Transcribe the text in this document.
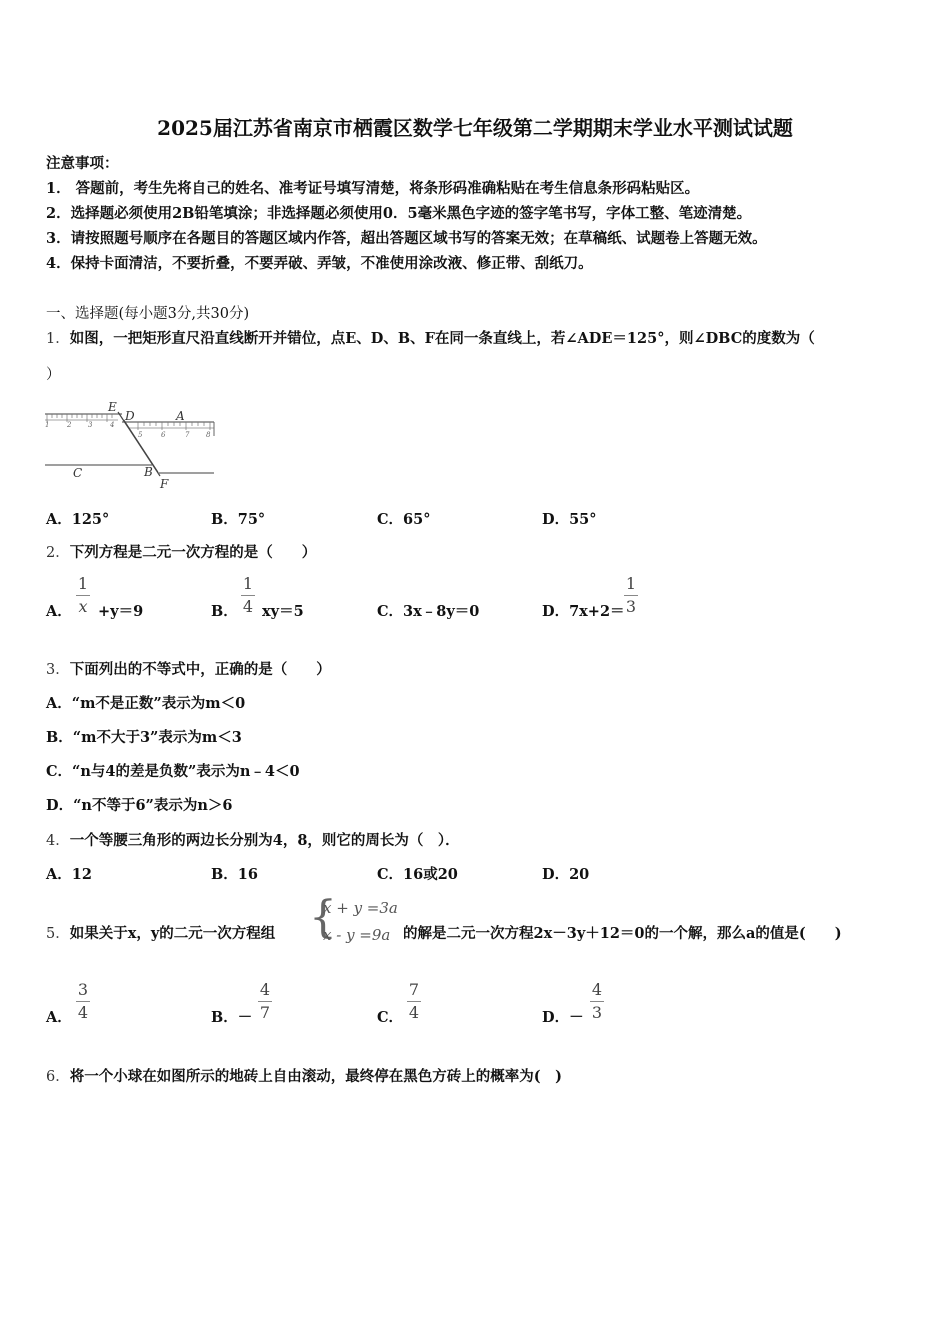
2025届江苏省南京市栖霞区数学七年级第二学期期末学业水平测试试题
注意事项：
1． 答题前，考生先将自己的姓名、准考证号填写清楚，将条形码准确粘贴在考生信息条形码粘贴区。
2．选择题必须使用2B铅笔填涂；非选择题必须使用0．5毫米黑色字迹的签字笔书写，字体工整、笔迹清楚。
3．请按照题号顺序在各题目的答题区域内作答，超出答题区域书写的答案无效；在草稿纸、试题卷上答题无效。
4．保持卡面清洁，不要折叠，不要弄破、弄皱，不准使用涂改液、修正带、刮纸刀。
一、选择题(每小题3分,共30分)
1．如图，一把矩形直尺沿直线断开并错位，点E、D、B、F在同一条直线上，若∠ADE＝125°，则∠DBC的度数为（
）
1	2 3	4
5	6	7 8
E
D	A
C	B
F
A．125°	B．75°	C．65°	D．55°
2．下列方程是二元一次方程的是（　　）
A．
1
x +y＝9	B．
1
4 xy＝5	C．3x﹣8y＝0	D．7x+2＝
1
3
3．下面列出的不等式中，正确的是（　　）
A．“m不是正数”表示为m＜0
B．“m不大于3”表示为m＜3
C．“n与4的差是负数”表示为n﹣4＜0
D．“n不等于6”表示为n＞6
4．一个等腰三角形的两边长分别为4，8，则它的周长为（　）．
A．12	B．16	C．16或20	D．20
5．如果关于x，y的二元一次方程组 {
x + y =3a
x - y =9a 的解是二元一次方程2x－3y＋12＝0的一个解，那么a的值是(　　)
A．
3
4	B．－
4
7	C．
7
4	D．－
4
3
6．将一个小球在如图所示的地砖上自由滚动，最终停在黑色方砖上的概率为(　)
